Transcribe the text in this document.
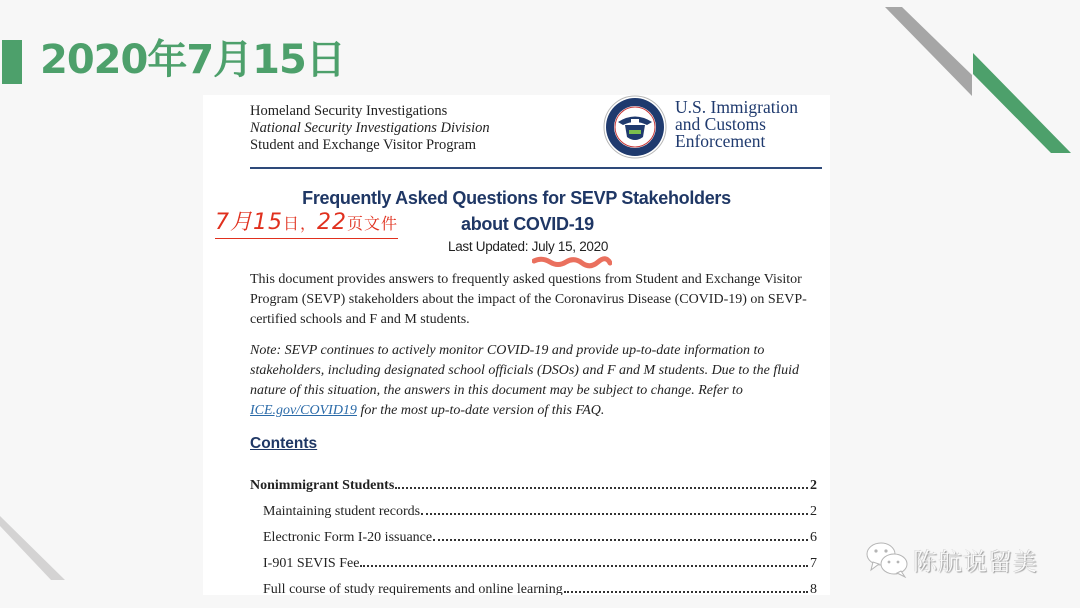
2020年7月15日
Homeland Security Investigations
National Security Investigations Division
Student and Exchange Visitor Program
U.S. Immigration
and Customs
Enforcement
Frequently Asked Questions for SEVP Stakeholders
about COVID-19
7月15日，22页文件
Last Updated: July 15, 2020
This document provides answers to frequently asked questions from Student and Exchange Visitor Program (SEVP) stakeholders about the impact of the Coronavirus Disease (COVID-19) on SEVP-certified schools and F and M students.
Note: SEVP continues to actively monitor COVID-19 and provide up-to-date information to stakeholders, including designated school officials (DSOs) and F and M students. Due to the fluid nature of this situation, the answers in this document may be subject to change. Refer to ICE.gov/COVID19 for the most up-to-date version of this FAQ.
Contents
Nonimmigrant Students	2
Maintaining student records	2
Electronic Form I-20 issuance	6
I-901 SEVIS Fee	7
Full course of study requirements and online learning	8
陈航说留美
